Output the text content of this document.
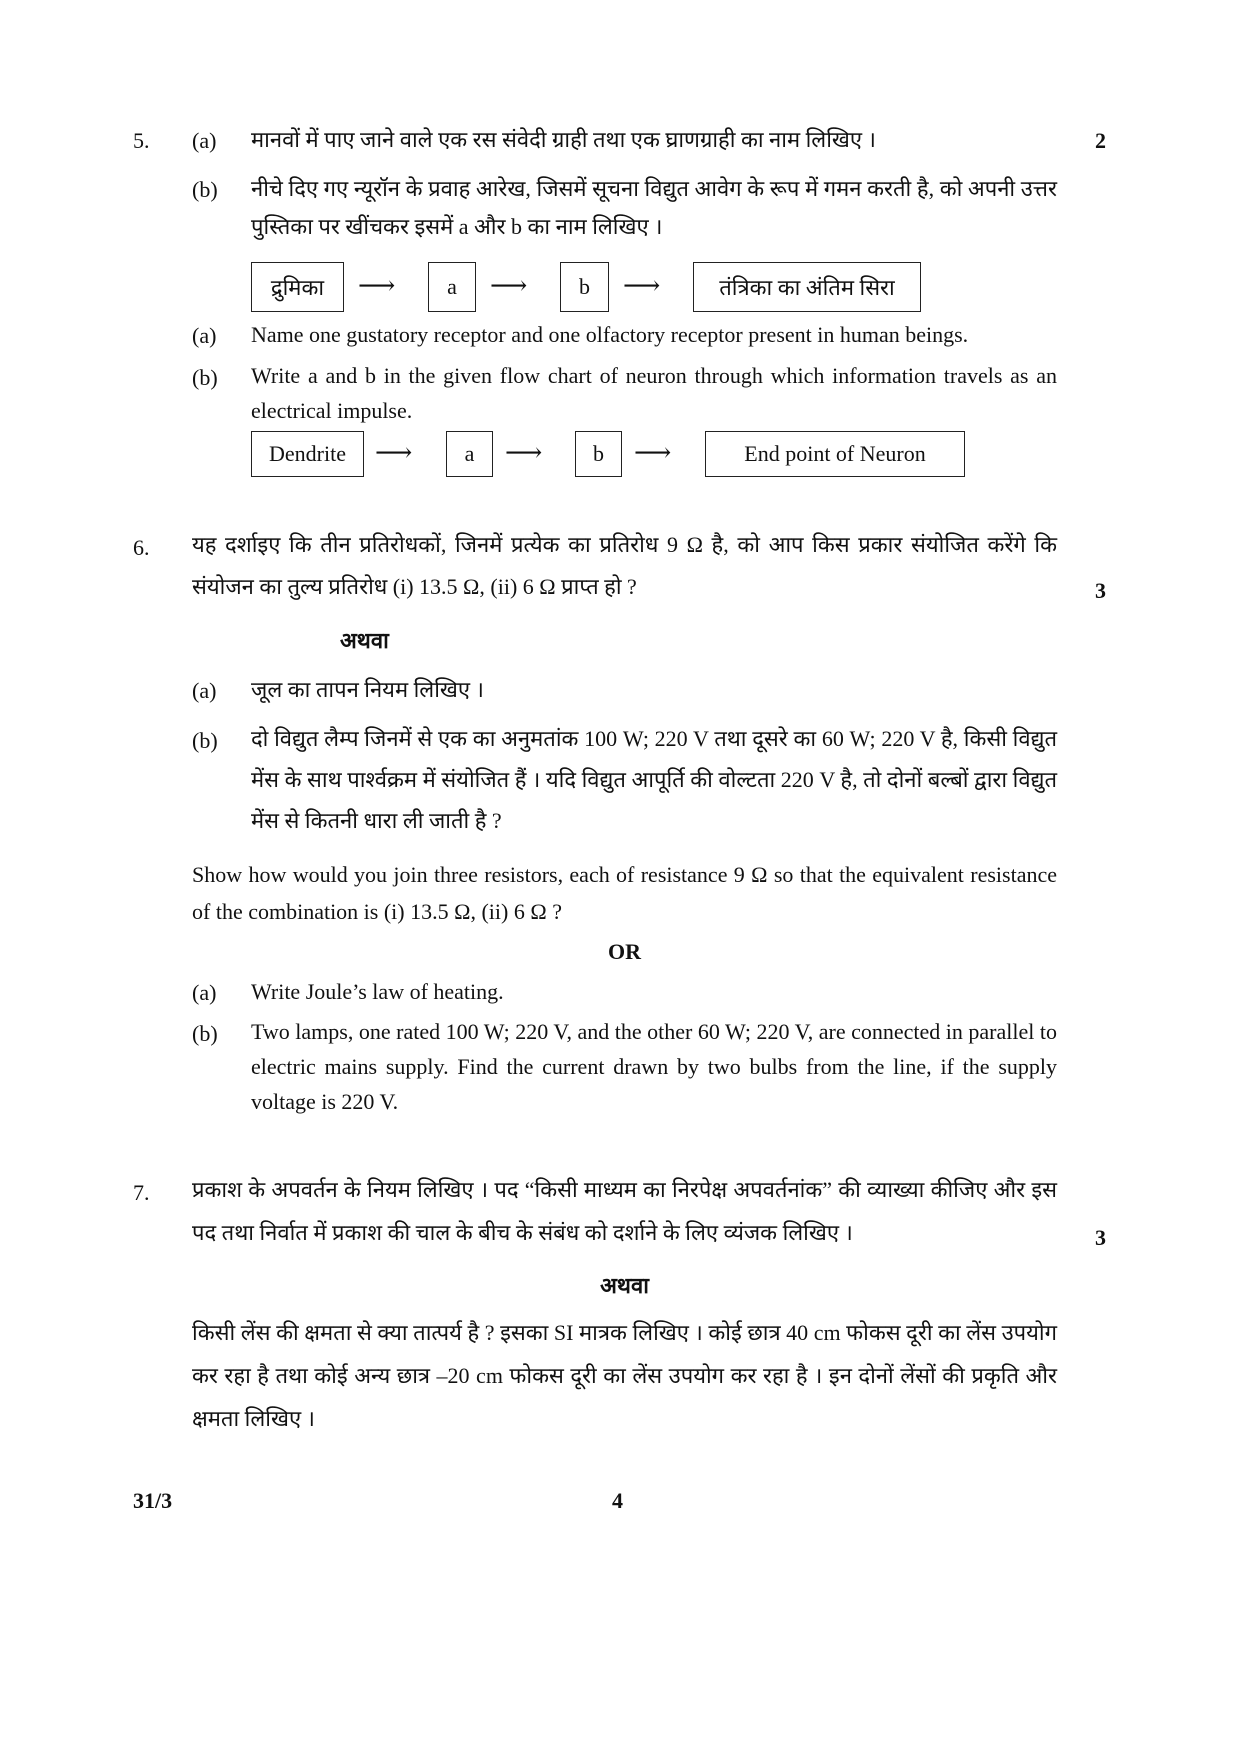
5. (a) मानवों में पाए जाने वाले एक रस संवेदी ग्राही तथा एक घ्राणग्राही का नाम लिखिए ।	2
(b) नीचे दिए गए न्यूरॉन के प्रवाह आरेख, जिसमें सूचना विद्युत आवेग के रूप में गमन करती है, को अपनी उत्तर पुस्तिका पर खींचकर इसमें a और b का नाम लिखिए ।
द्रुमिका	⟶	a	⟶	b	⟶	तंत्रिका का अंतिम सिरा
(a) Name one gustatory receptor and one olfactory receptor present in human beings.
(b) Write a and b in the given flow chart of neuron through which information travels as an electrical impulse.
Dendrite	⟶	a	⟶	b	⟶	End point of Neuron
6. यह दर्शाइए कि तीन प्रतिरोधकों, जिनमें प्रत्येक का प्रतिरोध 9 Ω है, को आप किस प्रकार संयोजित करेंगे कि संयोजन का तुल्य प्रतिरोध (i) 13.5 Ω, (ii) 6 Ω प्राप्त हो ?	3
अथवा
(a) जूल का तापन नियम लिखिए ।
(b) दो विद्युत लैम्प जिनमें से एक का अनुमतांक 100 W; 220 V तथा दूसरे का 60 W; 220 V है, किसी विद्युत मेंस के साथ पार्श्वक्रम में संयोजित हैं । यदि विद्युत आपूर्ति की वोल्टता 220 V है, तो दोनों बल्बों द्वारा विद्युत मेंस से कितनी धारा ली जाती है ?
Show how would you join three resistors, each of resistance 9 Ω so that the equivalent resistance of the combination is (i) 13.5 Ω, (ii) 6 Ω ?
OR
(a) Write Joule’s law of heating.
(b) Two lamps, one rated 100 W; 220 V, and the other 60 W; 220 V, are connected in parallel to electric mains supply. Find the current drawn by two bulbs from the line, if the supply voltage is 220 V.
7. प्रकाश के अपवर्तन के नियम लिखिए । पद “किसी माध्यम का निरपेक्ष अपवर्तनांक” की व्याख्या कीजिए और इस पद तथा निर्वात में प्रकाश की चाल के बीच के संबंध को दर्शाने के लिए व्यंजक लिखिए ।	3
अथवा
किसी लेंस की क्षमता से क्या तात्पर्य है ? इसका SI मात्रक लिखिए । कोई छात्र 40 cm फोकस दूरी का लेंस उपयोग कर रहा है तथा कोई अन्य छात्र –20 cm फोकस दूरी का लेंस उपयोग कर रहा है । इन दोनों लेंसों की प्रकृति और क्षमता लिखिए ।
31/3	4
